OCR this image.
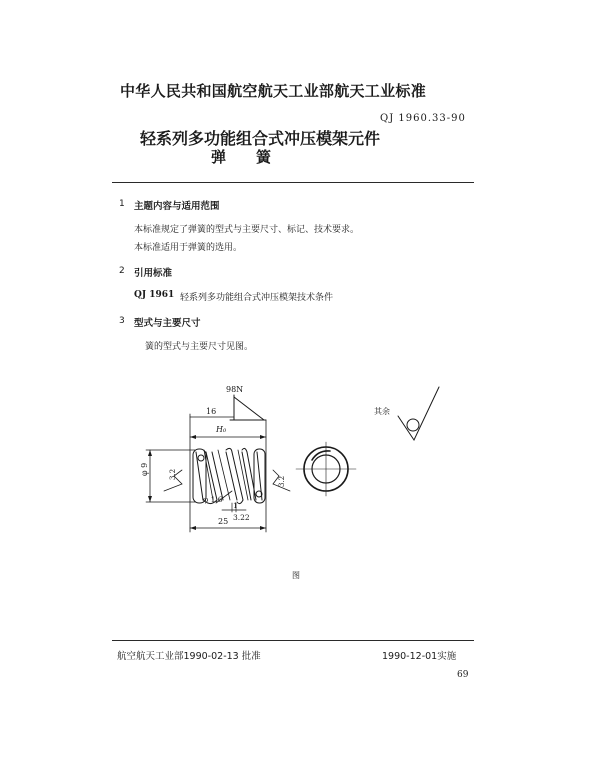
中华人民共和国航空航天工业部航天工业标准
QJ 1960.33-90
轻系列多功能组合式冲压模架元件
弹　　簧
1 主题内容与适用范围
本标准规定了弹簧的型式与主要尺寸、标记、技术要求。
本标准适用于弹簧的选用。
2 引用标准
QJ 1961 轻系列多功能组合式冲压模架技术条件
3 型式与主要尺寸
簧的型式与主要尺寸见图。
98N
16
H₀
φ 9	3.2
3.2
φ 1.6
3.22
1
25
其余
图
航空航天工业部1990-02-13 批准	1990-12-01实施
69
